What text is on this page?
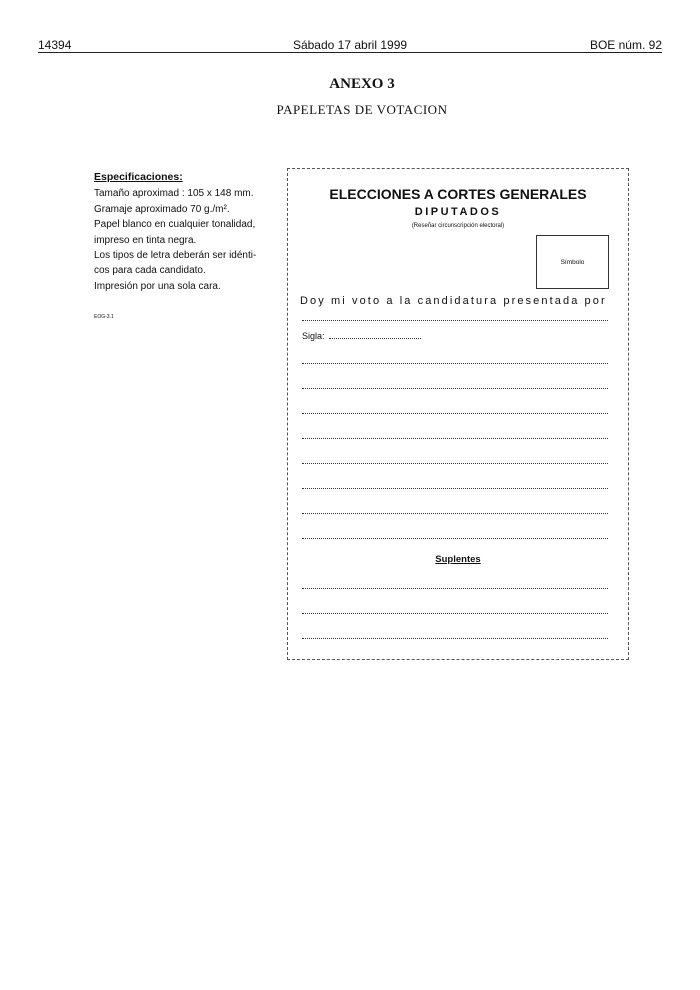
14394	Sábado 17 abril 1999	BOE núm. 92
ANEXO 3
PAPELETAS DE VOTACION
Especificaciones:
Tamaño aproximad : 105 x 148 mm.
Gramaje aproximado 70 g./m².
Papel blanco en cualquier tonalidad,
impreso en tinta negra.
Los tipos de letra deberán ser idénti-
cos para cada candidato.
Impresión por una sola cara.
EOG-3.1
ELECCIONES A CORTES GENERALES
DIPUTADOS
(Reseñar circunscripción electoral)
Símbolo
Doy mi voto a la candidatura presentada por
Sigla:
Suplentes
